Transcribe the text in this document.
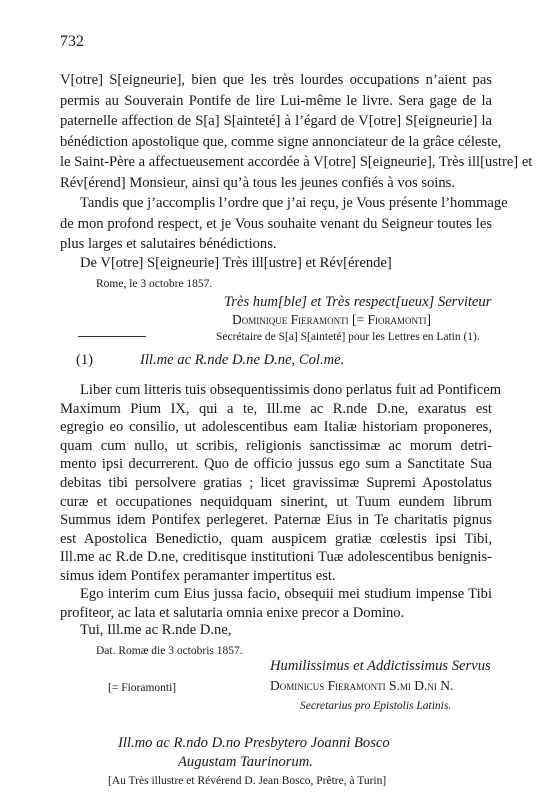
732
V[otre] S[eigneurie], bien que les très lourdes occupations n’aient pas
permis au Souverain Pontife de lire Lui-même le livre. Sera gage de la
paternelle affection de S[a] S[ainteté] à l’égard de V[otre] S[eigneurie] la
bénédiction apostolique que, comme signe annonciateur de la grâce céleste,
le Saint-Père a affectueusement accordée à V[otre] S[eigneurie], Très ill[ustre] et
Rév[érend] Monsieur, ainsi qu’à tous les jeunes confiés à vos soins.
Tandis que j’accomplis l’ordre que j’ai reçu, je Vous présente l’hommage
de mon profond respect, et je Vous souhaite venant du Seigneur toutes les
plus larges et salutaires bénédictions.
De V[otre] S[eigneurie] Très ill[ustre] et Rév[érende]
Rome, le 3 octobre 1857.
Très hum[ble] et Très respect[ueux] Serviteur
Dominique Fieramonti [= Fioramonti]
Secrétaire de S[a] S[ainteté] pour les Lettres en Latin (1).
(1)	Ill.me ac R.nde D.ne D.ne, Col.me.
Liber cum litteris tuis obsequentissimis dono perlatus fuit ad Pontificem
Maximum Pium IX, qui a te, Ill.me ac R.nde D.ne, exaratus est
egregio eo consilio, ut adolescentibus eam Italiæ historiam proponeres,
quam cum nullo, ut scribis, religionis sanctissimæ ac morum detri-
mento ipsi decurrerent. Quo de officio jussus ego sum a Sanctitate Sua
debitas tibi persolvere gratias ; licet gravissimæ Supremi Apostolatus
curæ et occupationes nequidquam sinerint, ut Tuum eundem librum
Summus idem Pontifex perlegeret. Paternæ Eius in Te charitatis pignus
est Apostolica Benedictio, quam auspicem gratiæ cœlestis ipsi Tibi,
Ill.me ac R.de D.ne, creditisque institutioni Tuæ adolescentibus benignis-
simus idem Pontifex peramanter impertitus est.
Ego interim cum Eius jussa facio, obsequii mei studium impense Tibi
profiteor, ac lata et salutaria omnia enixe precor a Domino.
Tui, Ill.me ac R.nde D.ne,
Dat. Romæ die 3 octobris 1857.
Humilissimus et Addictissimus Servus
[= Fioramonti]	Dominicus Fieramonti S.mi D.ni N.
Secretarius pro Epistolis Latinis.
Ill.mo ac R.ndo D.no Presbytero Joanni Bosco
Augustam Taurinorum.
[Au Très illustre et Révérend D. Jean Bosco, Prêtre, à Turin]
